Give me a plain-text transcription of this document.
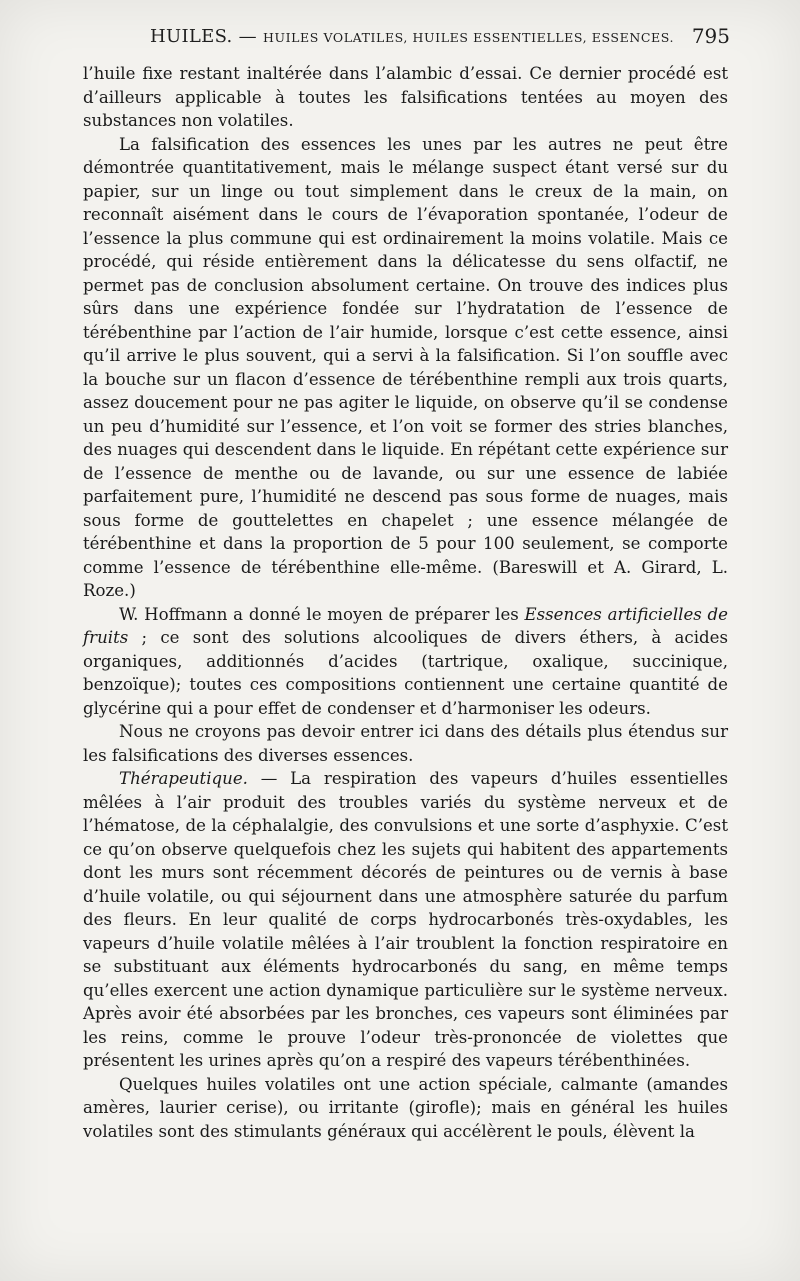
HUILES. — HUILES VOLATILES, HUILES ESSENTIELLES, ESSENCES. 795

l’huile fixe restant inaltérée dans l’alambic d’essai. Ce dernier procédé est d’ailleurs applicable à toutes les falsifications tentées au moyen des substances non volatiles.

La falsification des essences les unes par les autres ne peut être démontrée quantitativement, mais le mélange suspect étant versé sur du papier, sur un linge ou tout simplement dans le creux de la main, on reconnaît aisément dans le cours de l’évaporation spontanée, l’odeur de l’essence la plus commune qui est ordinairement la moins volatile. Mais ce procédé, qui réside entièrement dans la délicatesse du sens olfactif, ne permet pas de conclusion absolument certaine. On trouve des indices plus sûrs dans une expérience fondée sur l’hydratation de l’essence de térébenthine par l’action de l’air humide, lorsque c’est cette essence, ainsi qu’il arrive le plus souvent, qui a servi à la falsification. Si l’on souffle avec la bouche sur un flacon d’essence de térébenthine rempli aux trois quarts, assez doucement pour ne pas agiter le liquide, on observe qu’il se condense un peu d’humidité sur l’essence, et l’on voit se former des stries blanches, des nuages qui descendent dans le liquide. En répétant cette expérience sur de l’essence de menthe ou de lavande, ou sur une essence de labiée parfaitement pure, l’humidité ne descend pas sous forme de nuages, mais sous forme de gouttelettes en chapelet ; une essence mélangée de térébenthine et dans la proportion de 5 pour 100 seulement, se comporte comme l’essence de térébenthine elle-même. (Bareswill et A. Girard, L. Roze.)

W. Hoffmann a donné le moyen de préparer les Essences artificielles de fruits ; ce sont des solutions alcooliques de divers éthers, à acides organiques, additionnés d’acides (tartrique, oxalique, succinique, benzoïque); toutes ces compositions contiennent une certaine quantité de glycérine qui a pour effet de condenser et d’harmoniser les odeurs.

Nous ne croyons pas devoir entrer ici dans des détails plus étendus sur les falsifications des diverses essences.

Thérapeutique. — La respiration des vapeurs d’huiles essentielles mêlées à l’air produit des troubles variés du système nerveux et de l’hématose, de la céphalalgie, des convulsions et une sorte d’asphyxie. C’est ce qu’on observe quelquefois chez les sujets qui habitent des appartements dont les murs sont récemment décorés de peintures ou de vernis à base d’huile volatile, ou qui séjournent dans une atmosphère saturée du parfum des fleurs. En leur qualité de corps hydrocarbonés très-oxydables, les vapeurs d’huile volatile mêlées à l’air troublent la fonction respiratoire en se substituant aux éléments hydrocarbonés du sang, en même temps qu’elles exercent une action dynamique particulière sur le système nerveux. Après avoir été absorbées par les bronches, ces vapeurs sont éliminées par les reins, comme le prouve l’odeur très-prononcée de violettes que présentent les urines après qu’on a respiré des vapeurs térébenthinées.

Quelques huiles volatiles ont une action spéciale, calmante (amandes amères, laurier cerise), ou irritante (girofle); mais en général les huiles volatiles sont des stimulants généraux qui accélèrent le pouls, élèvent la
